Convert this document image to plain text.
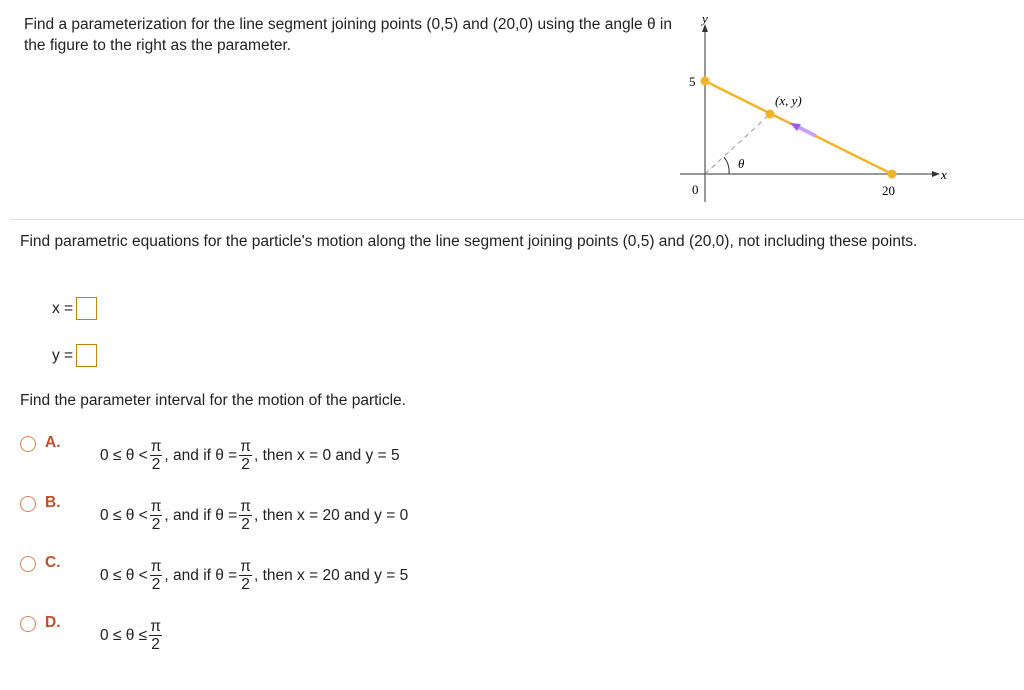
Find a parameterization for the line segment joining points (0,5) and (20,0) using the angle θ in the figure to the right as the parameter.
y
x
5
20
0
θ
(x, y)
Find parametric equations for the particle's motion along the line segment joining points (0,5) and (20,0), not including these points.
x =
y =
Find the parameter interval for the motion of the particle.
A.
$0 \le \theta < \frac{\pi}{2}$ , and if $\theta = \frac{\pi}{2}$ , then x = 0 and y = 5
B.
$0 \le \theta < \frac{\pi}{2}$ , and if $\theta = \frac{\pi}{2}$ , then x = 20 and y = 0
C.
$0 \le \theta < \frac{\pi}{2}$ , and if $\theta = \frac{\pi}{2}$ , then x = 20 and y = 5
D.
$0 \le \theta \le \frac{\pi}{2}$
